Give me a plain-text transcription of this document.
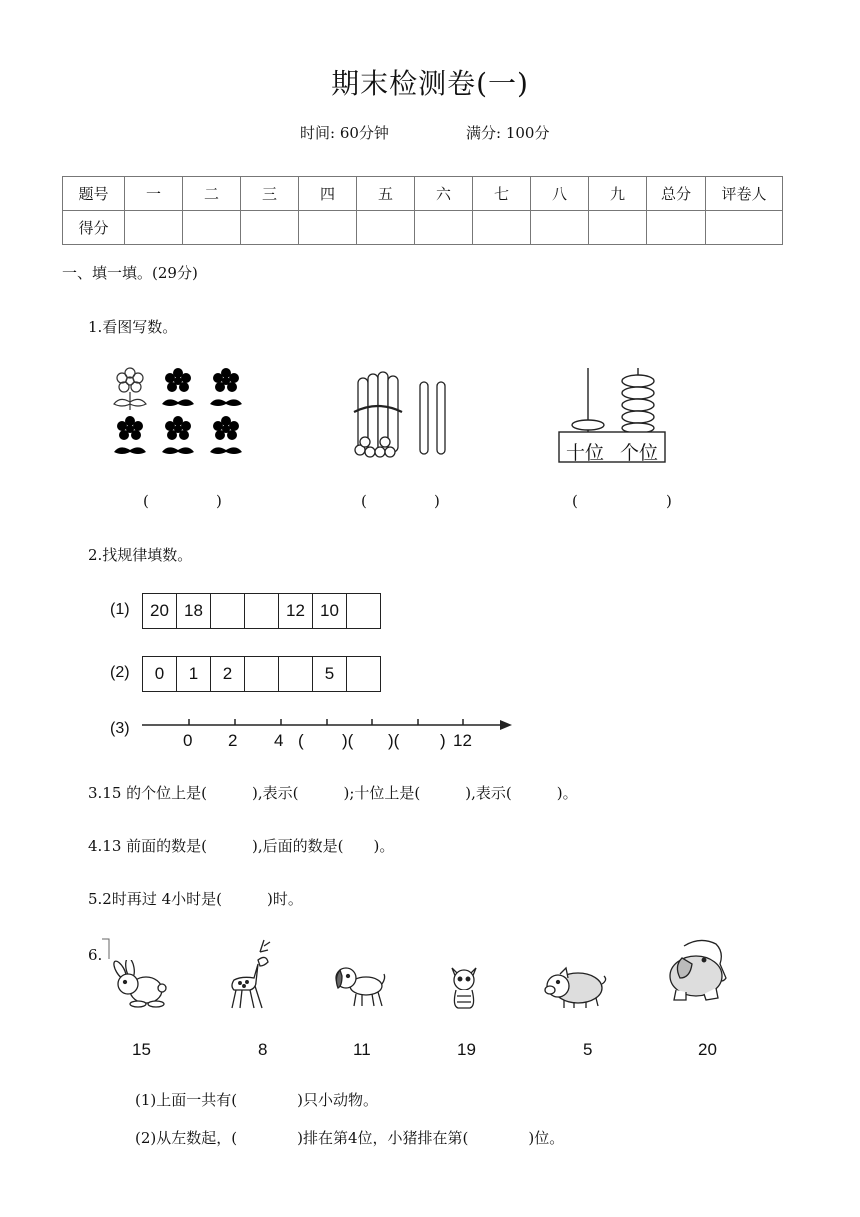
期末检测卷(一)
时间: 60分钟	满分: 100分
题号	一	二	三	四	五	六	七	八	九	总分	评卷人
得分											
一、填一填。(29分)
1.看图写数。
十位 个位
(	)	(	)	(	)
2.找规律填数。
(1)	20 18	12 10
(2)	0	1	2	5
(3)
0 2 4 ( )( )( ) 12
3.15 的个位上是(　　　),表示(　　　);十位上是(　　　),表示(　　　)。
4.13 前面的数是(　　　),后面的数是(　　)。
5.2时再过 4小时是(　　　)时。
6.
15	8	11	19	5	20
(1)上面一共有(　　　　)只小动物。
(2)从左数起，(　　　　)排在第4位，小猪排在第(　　　　)位。
